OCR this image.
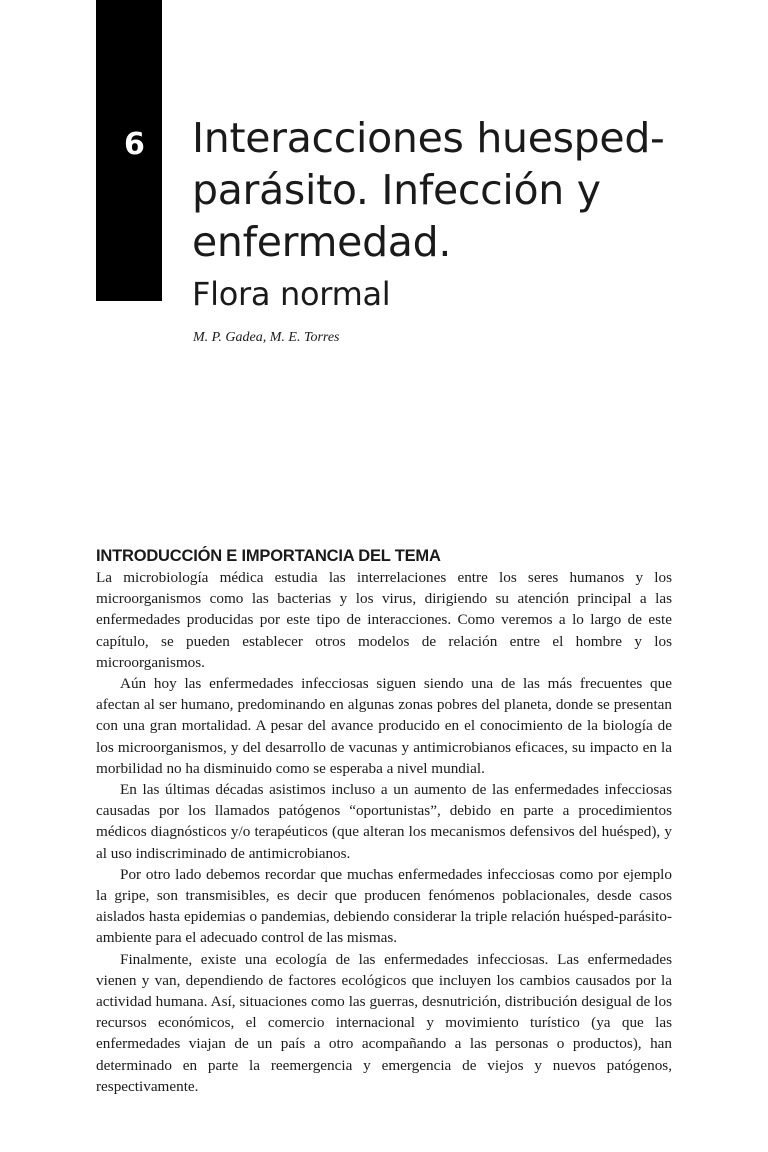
6 Interacciones huesped-
parásito. Infección y
enfermedad.
Flora normal
M. P. Gadea, M. E. Torres
INTRODUCCIÓN E IMPORTANCIA DEL TEMA

La microbiología médica estudia las interrelaciones entre los seres humanos y los microorganismos como las bacterias y los virus, dirigiendo su atención principal a las enfermedades producidas por este tipo de interacciones. Como veremos a lo largo de este capítulo, se pueden establecer otros modelos de relación entre el hombre y los microorganismos.

Aún hoy las enfermedades infecciosas siguen siendo una de las más frecuentes que afectan al ser humano, predominando en algunas zonas pobres del planeta, donde se presentan con una gran mortalidad. A pesar del avance producido en el conocimiento de la biología de los microorganismos, y del desarrollo de vacunas y antimicrobianos eficaces, su impacto en la morbilidad no ha disminuido como se esperaba a nivel mundial.

En las últimas décadas asistimos incluso a un aumento de las enfermedades infecciosas causadas por los llamados patógenos “oportunistas”, debido en parte a procedimientos médicos diagnósticos y/o terapéuticos (que alteran los mecanismos defensivos del huésped), y al uso indiscriminado de antimicrobianos.

Por otro lado debemos recordar que muchas enfermedades infecciosas como por ejemplo la gripe, son transmisibles, es decir que producen fenómenos poblacionales, desde casos aislados hasta epidemias o pandemias, debiendo considerar la triple relación huésped-parásito-ambiente para el adecuado control de las mismas.

Finalmente, existe una ecología de las enfermedades infecciosas. Las enfermedades vienen y van, dependiendo de factores ecológicos que incluyen los cambios causados por la actividad humana. Así, situaciones como las guerras, desnutrición, distribución desigual de los recursos económicos, el comercio internacional y movimiento turístico (ya que las enfermedades viajan de un país a otro acompañando a las personas o productos), han determinado en parte la reemergencia y emergencia de viejos y nuevos patógenos, respectivamente.
